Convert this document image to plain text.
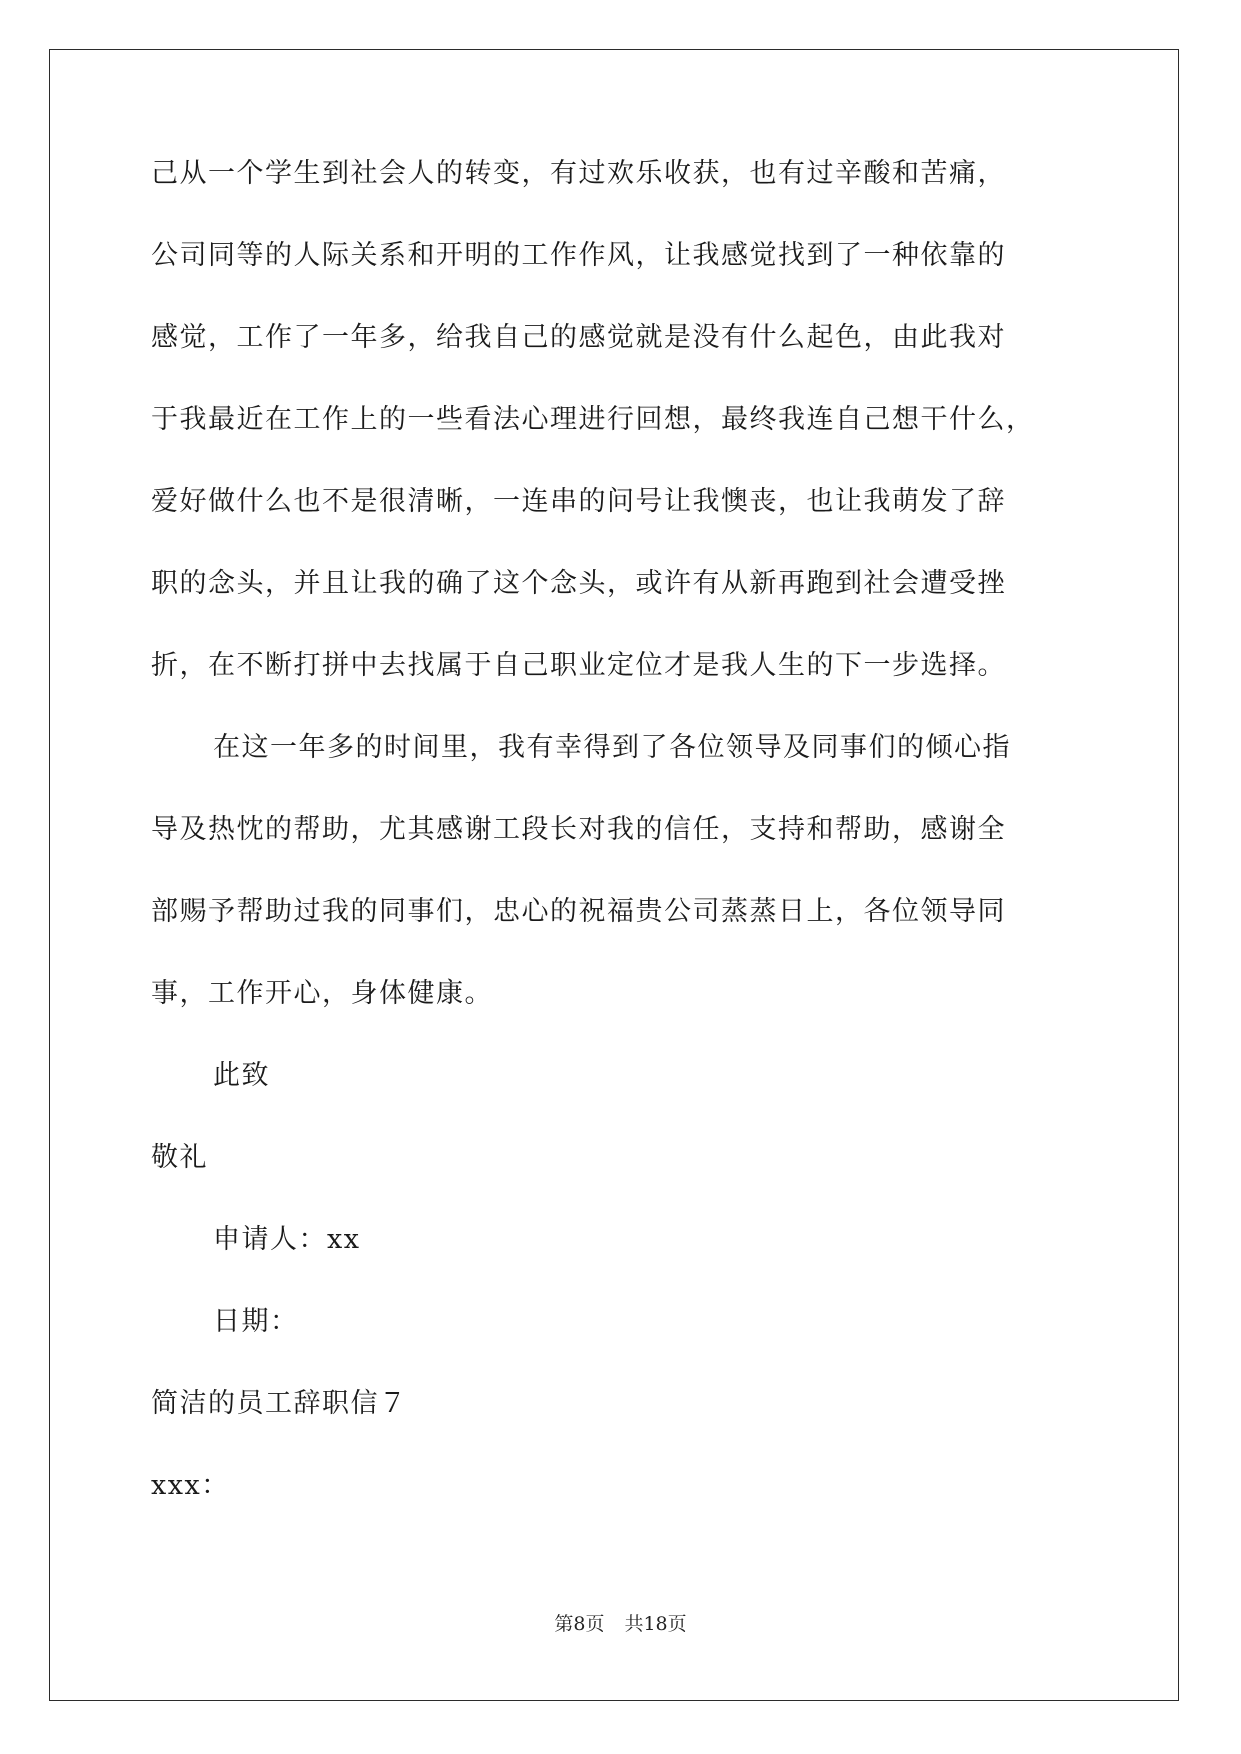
己从一个学生到社会人的转变，有过欢乐收获，也有过辛酸和苦痛，

公司同等的人际关系和开明的工作作风，让我感觉找到了一种依靠的

感觉，工作了一年多，给我自己的感觉就是没有什么起色，由此我对

于我最近在工作上的一些看法心理进行回想，最终我连自己想干什么，

爱好做什么也不是很清晰，一连串的问号让我懊丧，也让我萌发了辞

职的念头，并且让我的确了这个念头，或许有从新再跑到社会遭受挫

折，在不断打拼中去找属于自己职业定位才是我人生的下一步选择。

在这一年多的时间里，我有幸得到了各位领导及同事们的倾心指

导及热忱的帮助，尤其感谢工段长对我的信任，支持和帮助，感谢全

部赐予帮助过我的同事们，忠心的祝福贵公司蒸蒸日上，各位领导同

事，工作开心，身体健康。

此致

敬礼

申请人：xx

日期：

简洁的员工辞职信７

xxx：

第8页 共18页
